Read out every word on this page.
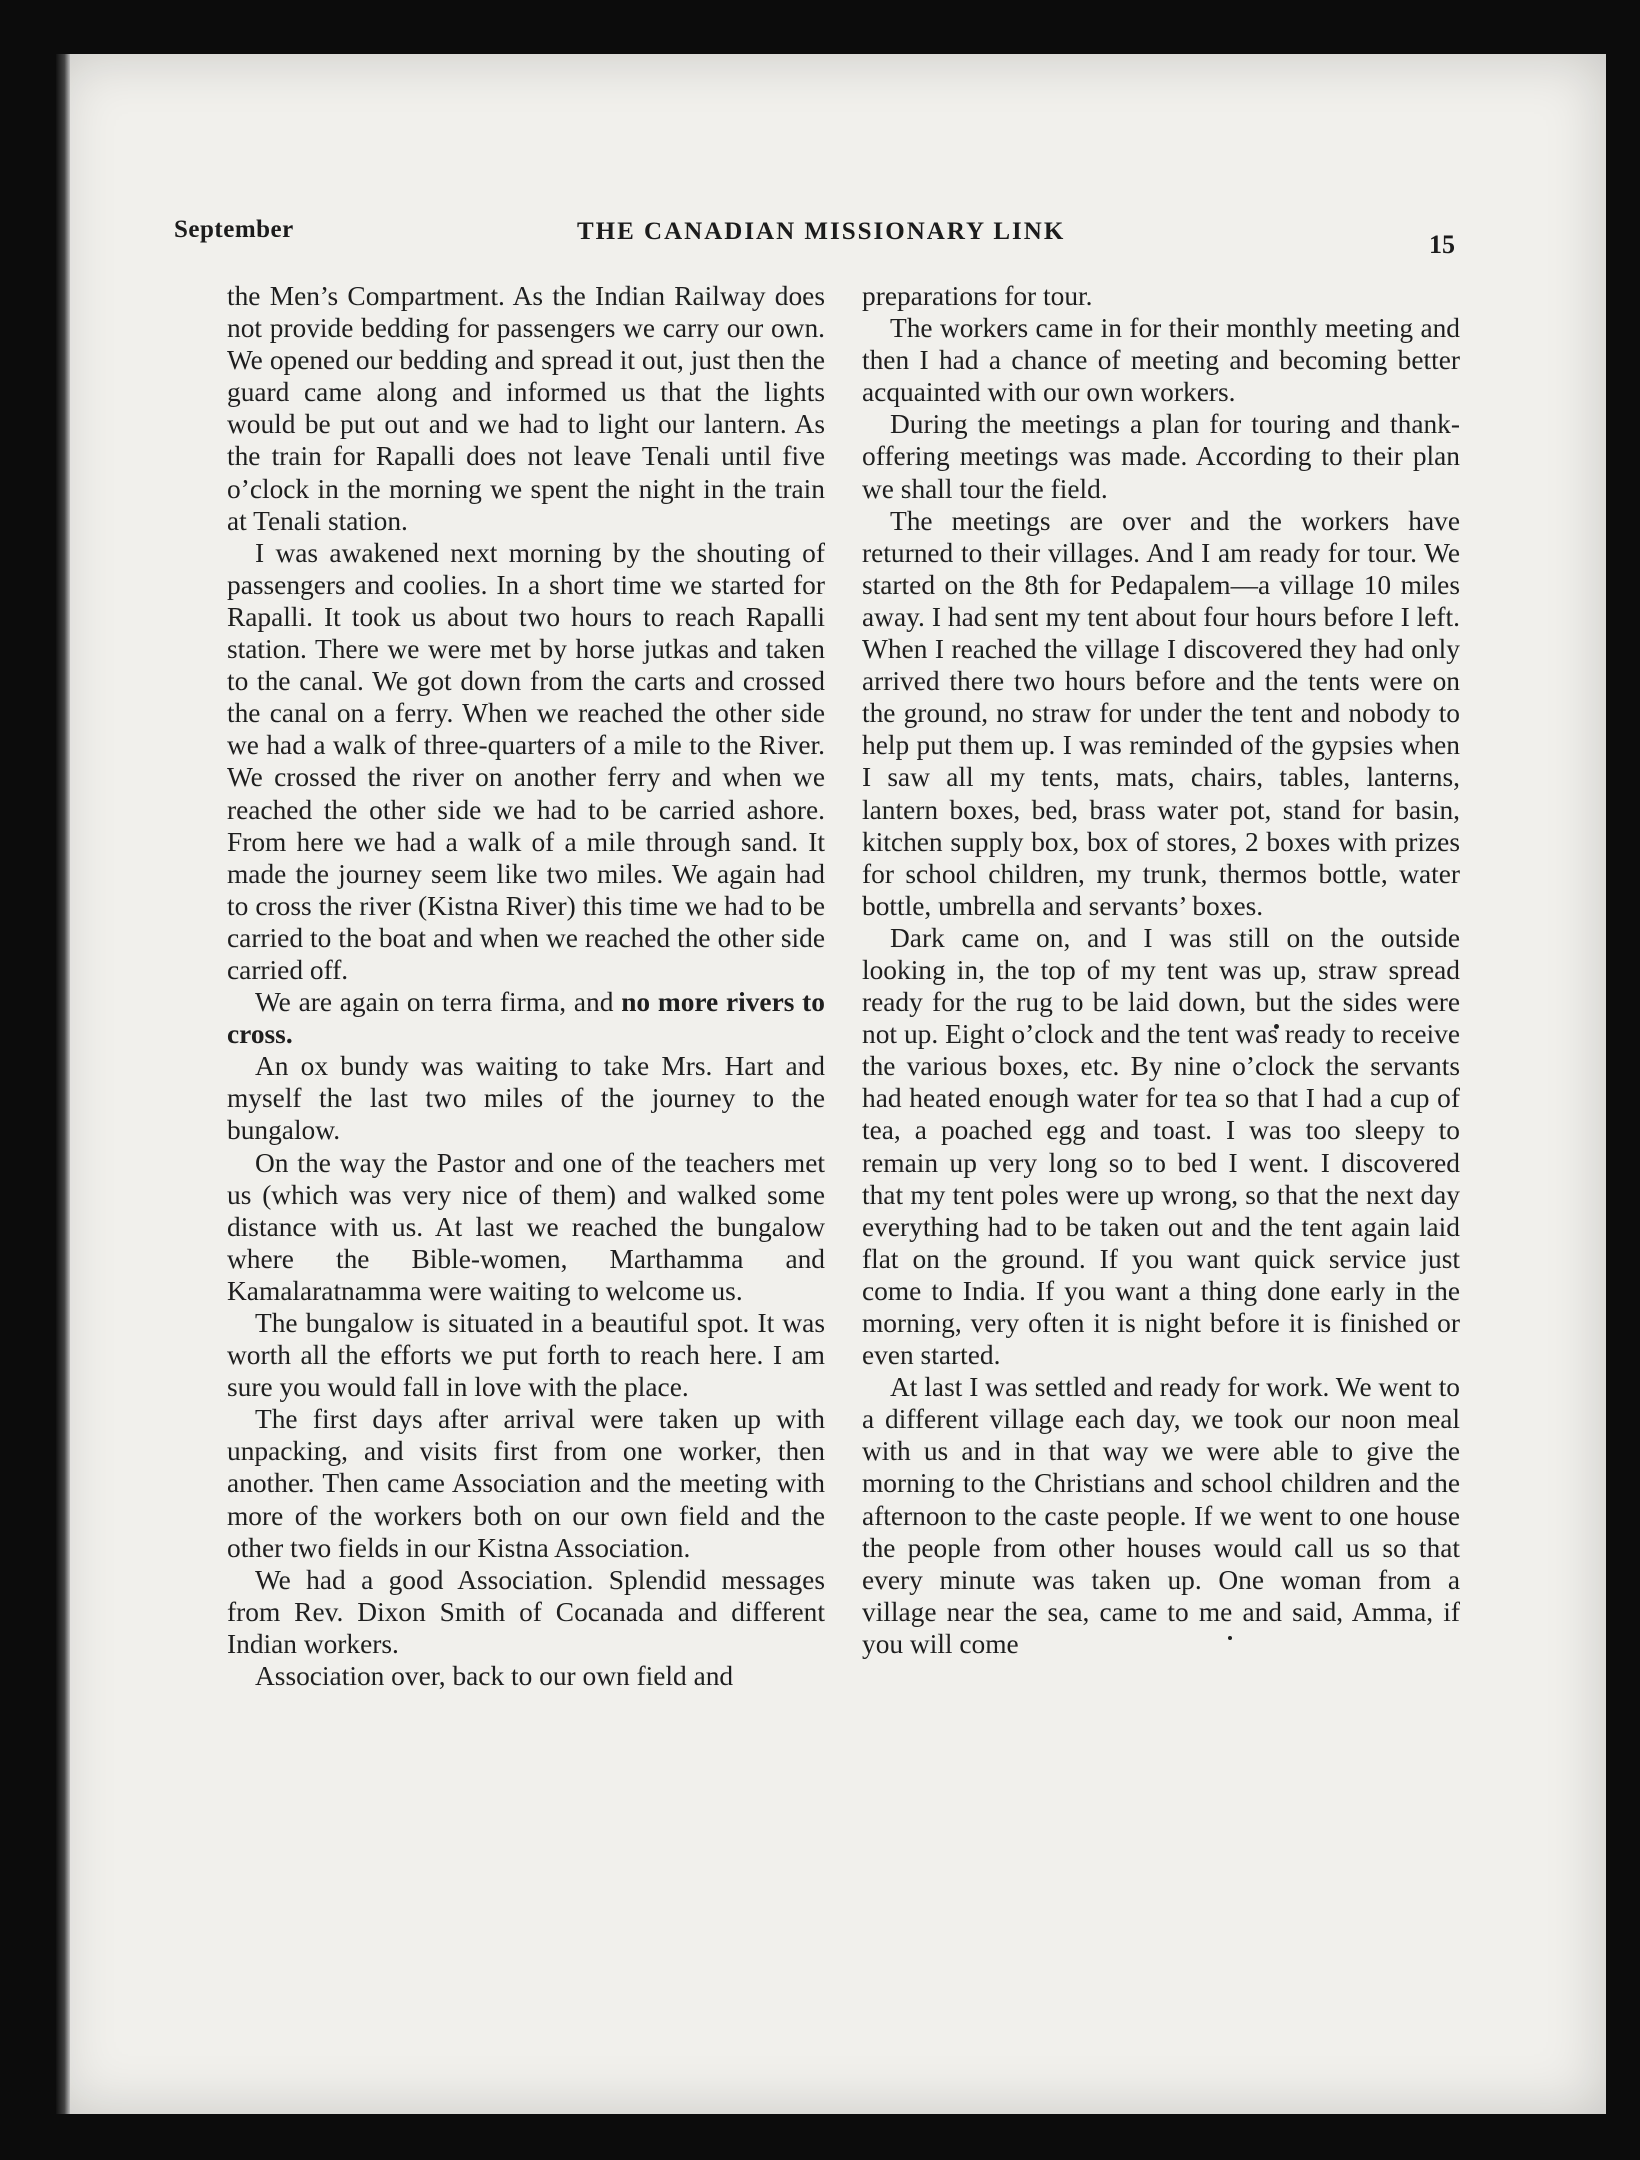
September	THE CANADIAN MISSIONARY LINK	15

the Men’s Compartment. As the Indian Railway does not provide bedding for passengers we carry our own. We opened our bedding and spread it out, just then the guard came along and informed us that the lights would be put out and we had to light our lantern. As the train for Rapalli does not leave Tenali until five o’clock in the morning we spent the night in the train at Tenali station.

I was awakened next morning by the shouting of passengers and coolies. In a short time we started for Rapalli. It took us about two hours to reach Rapalli station. There we were met by horse jutkas and taken to the canal. We got down from the carts and crossed the canal on a ferry. When we reached the other side we had a walk of three-quarters of a mile to the River. We crossed the river on another ferry and when we reached the other side we had to be carried ashore. From here we had a walk of a mile through sand. It made the journey seem like two miles. We again had to cross the river (Kistna River) this time we had to be carried to the boat and when we reached the other side carried off.

We are again on terra firma, and no more rivers to cross.

An ox bundy was waiting to take Mrs. Hart and myself the last two miles of the journey to the bungalow.

On the way the Pastor and one of the teachers met us (which was very nice of them) and walked some distance with us. At last we reached the bungalow where the Bible-women, Marthamma and Kamalaratnamma were waiting to welcome us.

The bungalow is situated in a beautiful spot. It was worth all the efforts we put forth to reach here. I am sure you would fall in love with the place.

The first days after arrival were taken up with unpacking, and visits first from one worker, then another. Then came Association and the meeting with more of the workers both on our own field and the other two fields in our Kistna Association.

We had a good Association. Splendid messages from Rev. Dixon Smith of Cocanada and different Indian workers.

Association over, back to our own field and

preparations for tour.

The workers came in for their monthly meeting and then I had a chance of meeting and becoming better acquainted with our own workers.

During the meetings a plan for touring and thank-offering meetings was made. According to their plan we shall tour the field.

The meetings are over and the workers have returned to their villages. And I am ready for tour. We started on the 8th for Pedapalem—a village 10 miles away. I had sent my tent about four hours before I left. When I reached the village I discovered they had only arrived there two hours before and the tents were on the ground, no straw for under the tent and nobody to help put them up. I was reminded of the gypsies when I saw all my tents, mats, chairs, tables, lanterns, lantern boxes, bed, brass water pot, stand for basin, kitchen supply box, box of stores, 2 boxes with prizes for school children, my trunk, thermos bottle, water bottle, umbrella and servants’ boxes.

Dark came on, and I was still on the outside looking in, the top of my tent was up, straw spread ready for the rug to be laid down, but the sides were not up. Eight o’clock and the tent was ready to receive the various boxes, etc. By nine o’clock the servants had heated enough water for tea so that I had a cup of tea, a poached egg and toast. I was too sleepy to remain up very long so to bed I went. I discovered that my tent poles were up wrong, so that the next day everything had to be taken out and the tent again laid flat on the ground. If you want quick service just come to India. If you want a thing done early in the morning, very often it is night before it is finished or even started.

At last I was settled and ready for work. We went to a different village each day, we took our noon meal with us and in that way we were able to give the morning to the Christians and school children and the afternoon to the caste people. If we went to one house the people from other houses would call us so that every minute was taken up. One woman from a village near the sea, came to me and said, Amma, if you will come
